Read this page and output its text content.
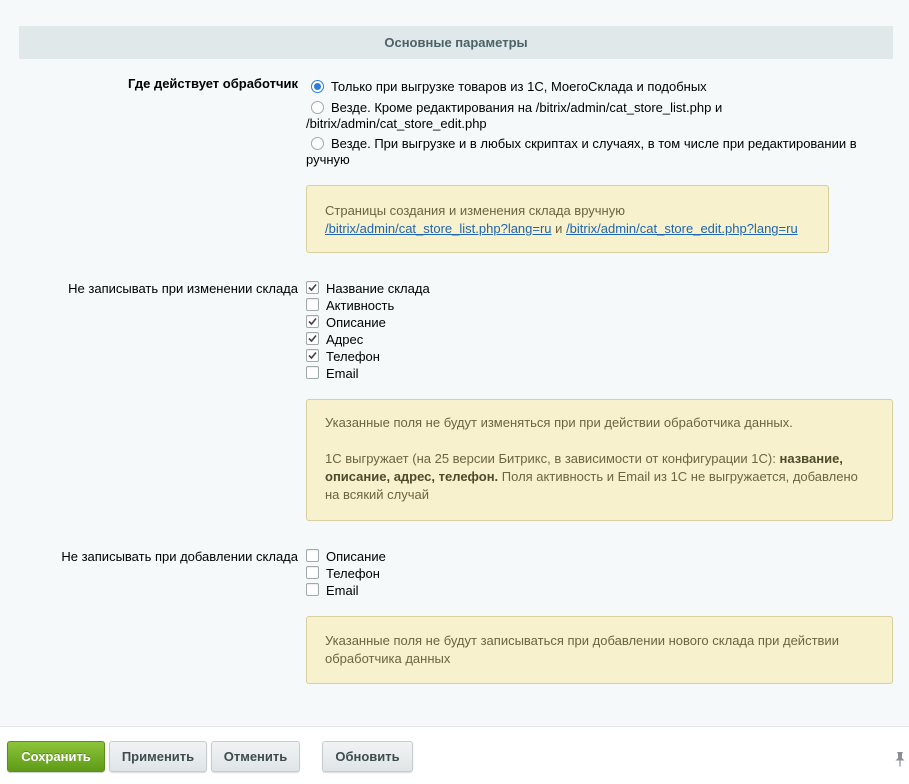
Основные параметры
Где действует обработчик	Только при выгрузке товаров из 1С, МоегоСклада и подобных
Везде. Кроме редактирования на /bitrix/admin/cat_store_list.php и /bitrix/admin/cat_store_edit.php
Везде. При выгрузке и в любых скриптах и случаях, в том числе при редактировании в ручную
Страницы создания и изменения склада вручную
/bitrix/admin/cat_store_list.php?lang=ru и /bitrix/admin/cat_store_edit.php?lang=ru
Не записывать при изменении склада	Название склада
Активность
Описание
Адрес
Телефон
Email
Указанные поля не будут изменяться при при действии обработчика данных.
1С выгружает (на 25 версии Битрикс, в зависимости от конфигурации 1С): название, описание, адрес, телефон. Поля активность и Email из 1С не выгружается, добавлено на всякий случай
Не записывать при добавлении склада	Описание
Телефон
Email
Указанные поля не будут записываться при добавлении нового склада при действии обработчика данных
Сохранить	Применить	Отменить	Обновить
